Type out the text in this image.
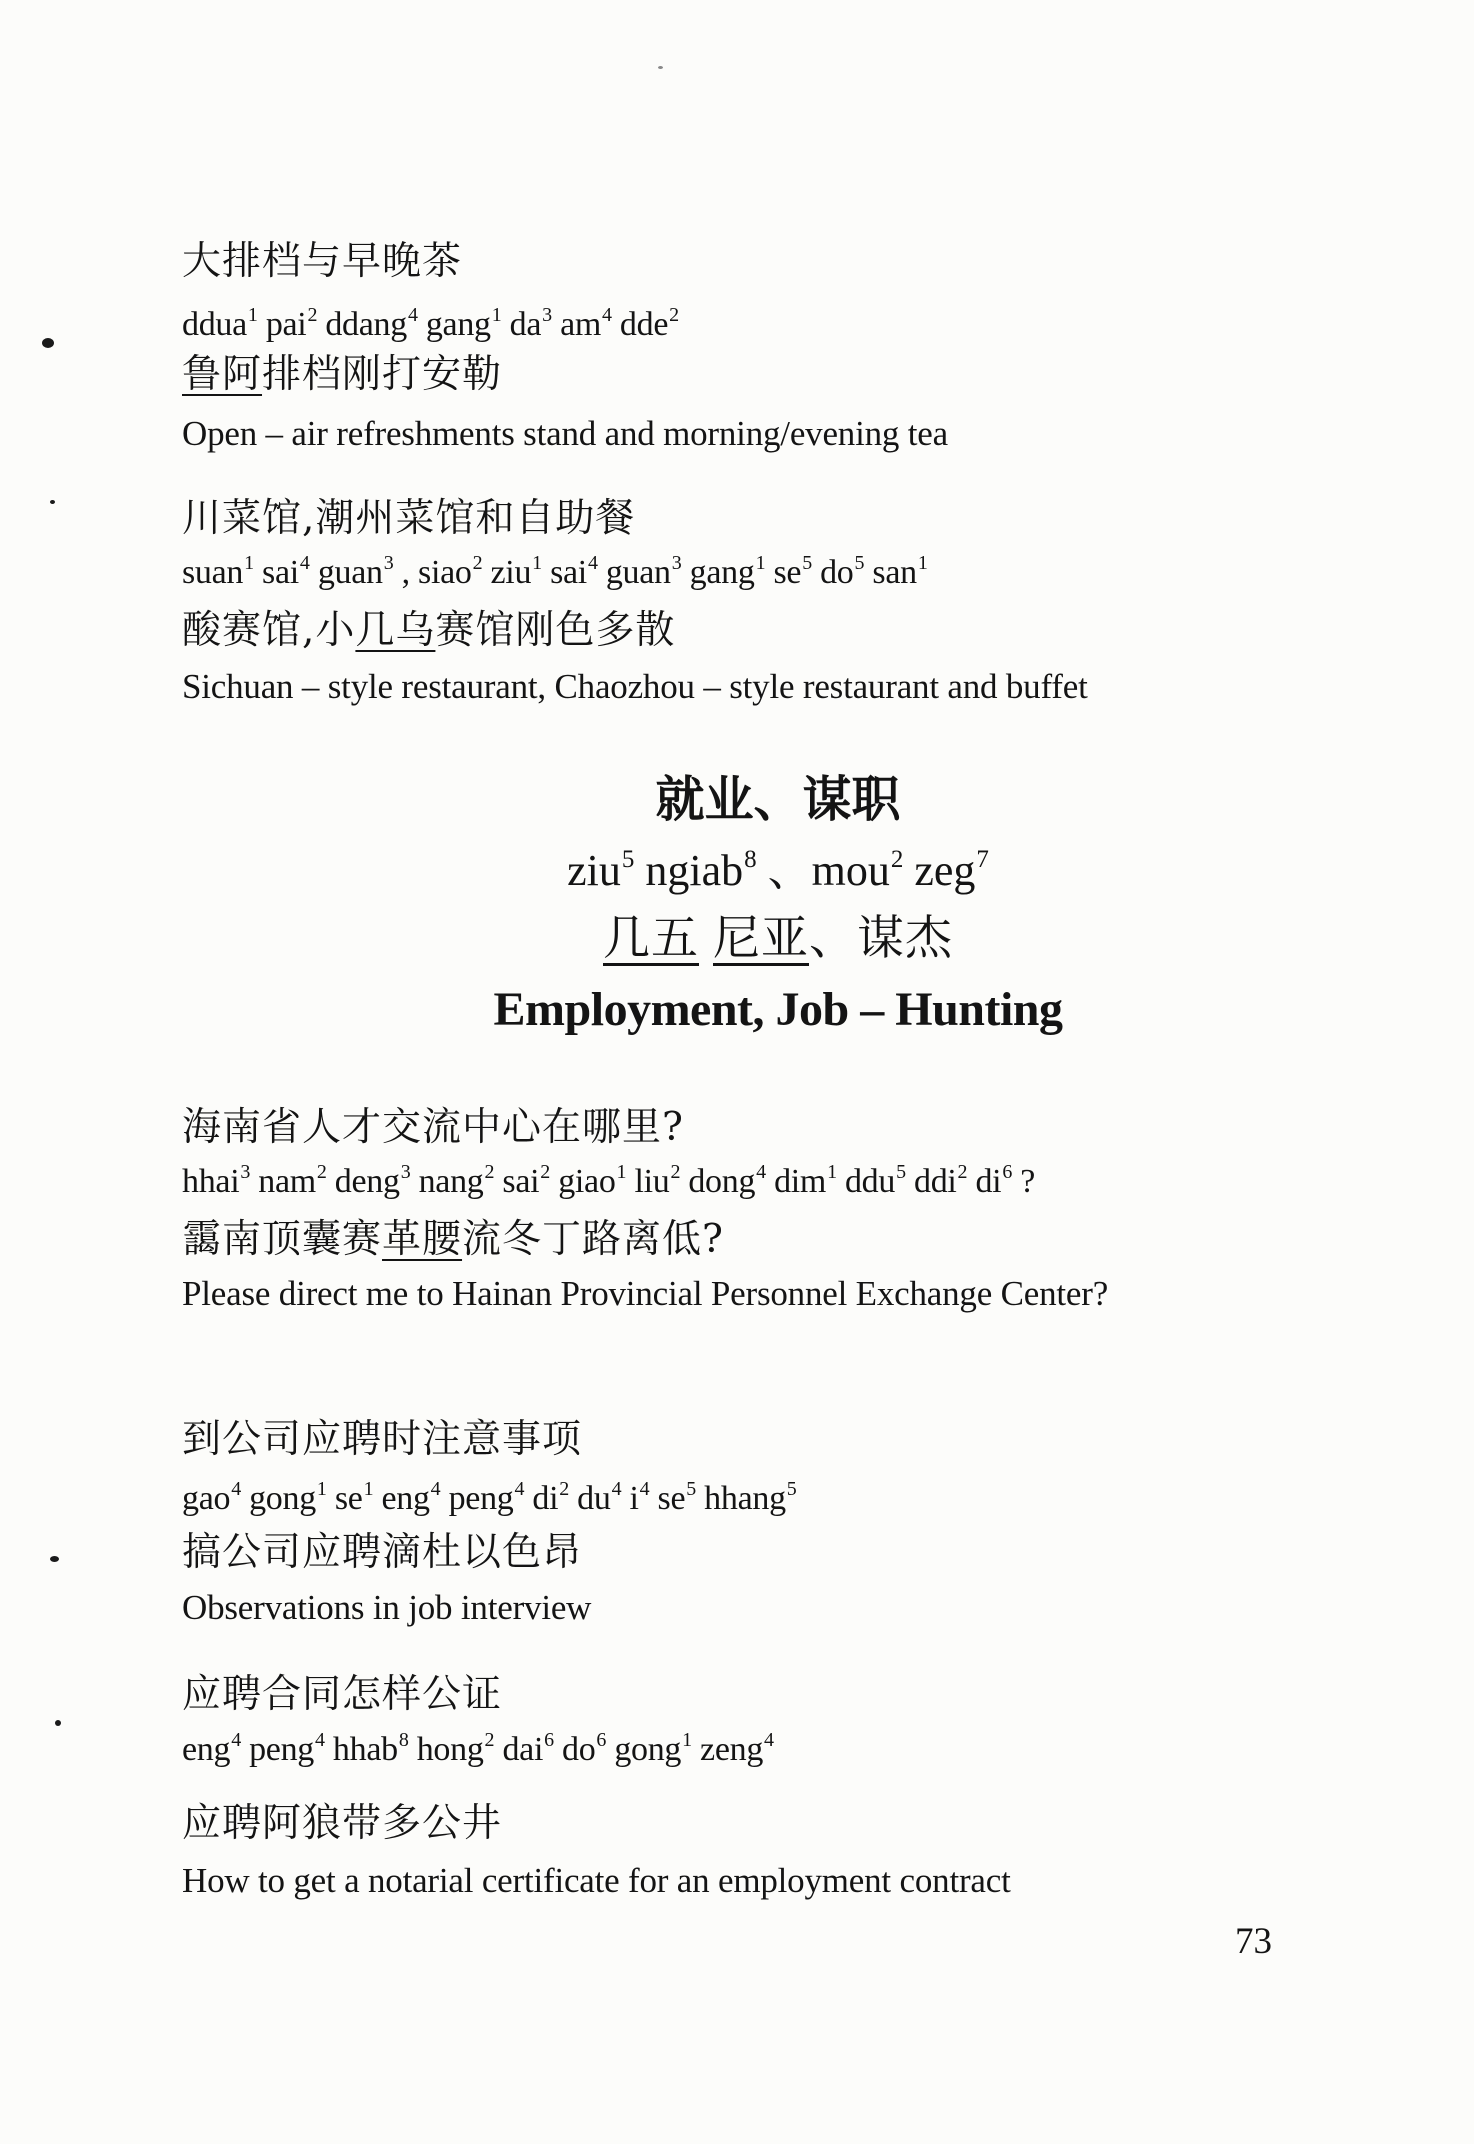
大排档与早晚茶
ddua$^1$ pai$^2$ ddang$^4$ gang$^1$ $da^3$ $am^4$ dde$^2$
鲁阿排档刚打安勒
Open – air refreshments stand and morning/evening tea
川菜馆,潮州菜馆和自助餐
suan$^1$ sai$^4$ guan$^3$ , siao$^2$ ziu$^1$ sai$^4$ guan$^3$ gang$^1$ $se^5$ $do^5$ san$^1$
酸赛馆,小几乌赛馆刚色多散
Sichuan – style restaurant, Chaozhou – style restaurant and buffet
就业、谋职
ziu$^5$ ngiab$^8$ 、mou$^2$ zeg$^7$
几五 尼亚、谋杰
Employment, Job – Hunting
海南省人才交流中心在哪里?
hhai$^3$ nam$^2$ deng$^3$ nang$^2$ sai$^2$ giao$^1$ liu$^2$ dong$^4$ dim$^1$ ddu$^5$ ddi$^2$ $di^6$ ?
靄南顶囊赛革腰流冬丁路离低?
Please direct me to Hainan Provincial Personnel Exchange Center?
到公司应聘时注意事项
gao$^4$ gong$^1$ $se^1$ eng$^4$ peng$^4$ $di^2$ $du^4$ $i^4$ $se^5$ hhang$^5$
搞公司应聘滴杜以色昂
Observations in job interview
应聘合同怎样公证
eng$^4$ peng$^4$ hhab$^8$ hong$^2$ dai$^6$ $do^6$ gong$^1$ zeng$^4$
应聘阿狼带多公井
How to get a notarial certificate for an employment contract
73
